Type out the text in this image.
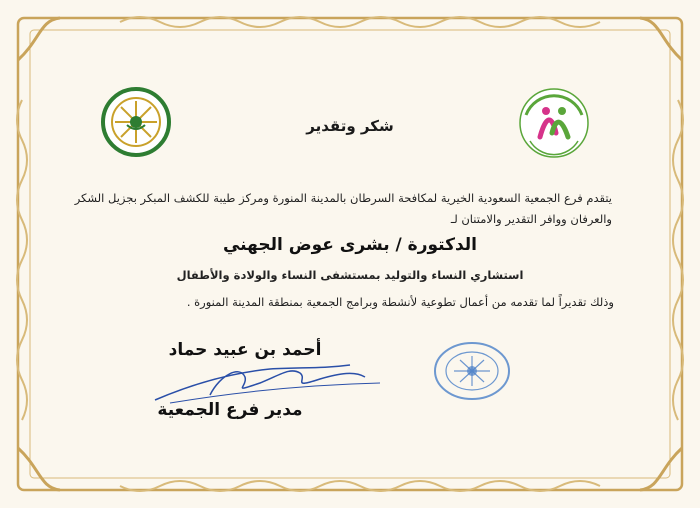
شكر وتقدير
يتقدم فرع الجمعية السعودية الخيرية لمكافحة السرطان بالمدينة المنورة ومركز طيبة للكشف المبكر بجزيل الشكر
والعرفان ووافر التقدير والامتنان لـ
الدكتورة / بشرى عوض الجهني
استشاري النساء والتوليد بمستشفى النساء والولادة والأطفال
وذلك تقديراً لما تقدمه من أعمال تطوعية لأنشطة وبرامج الجمعية بمنطقة المدينة المنورة .
أحمد بن عبيد حماد
مدير فرع الجمعية
